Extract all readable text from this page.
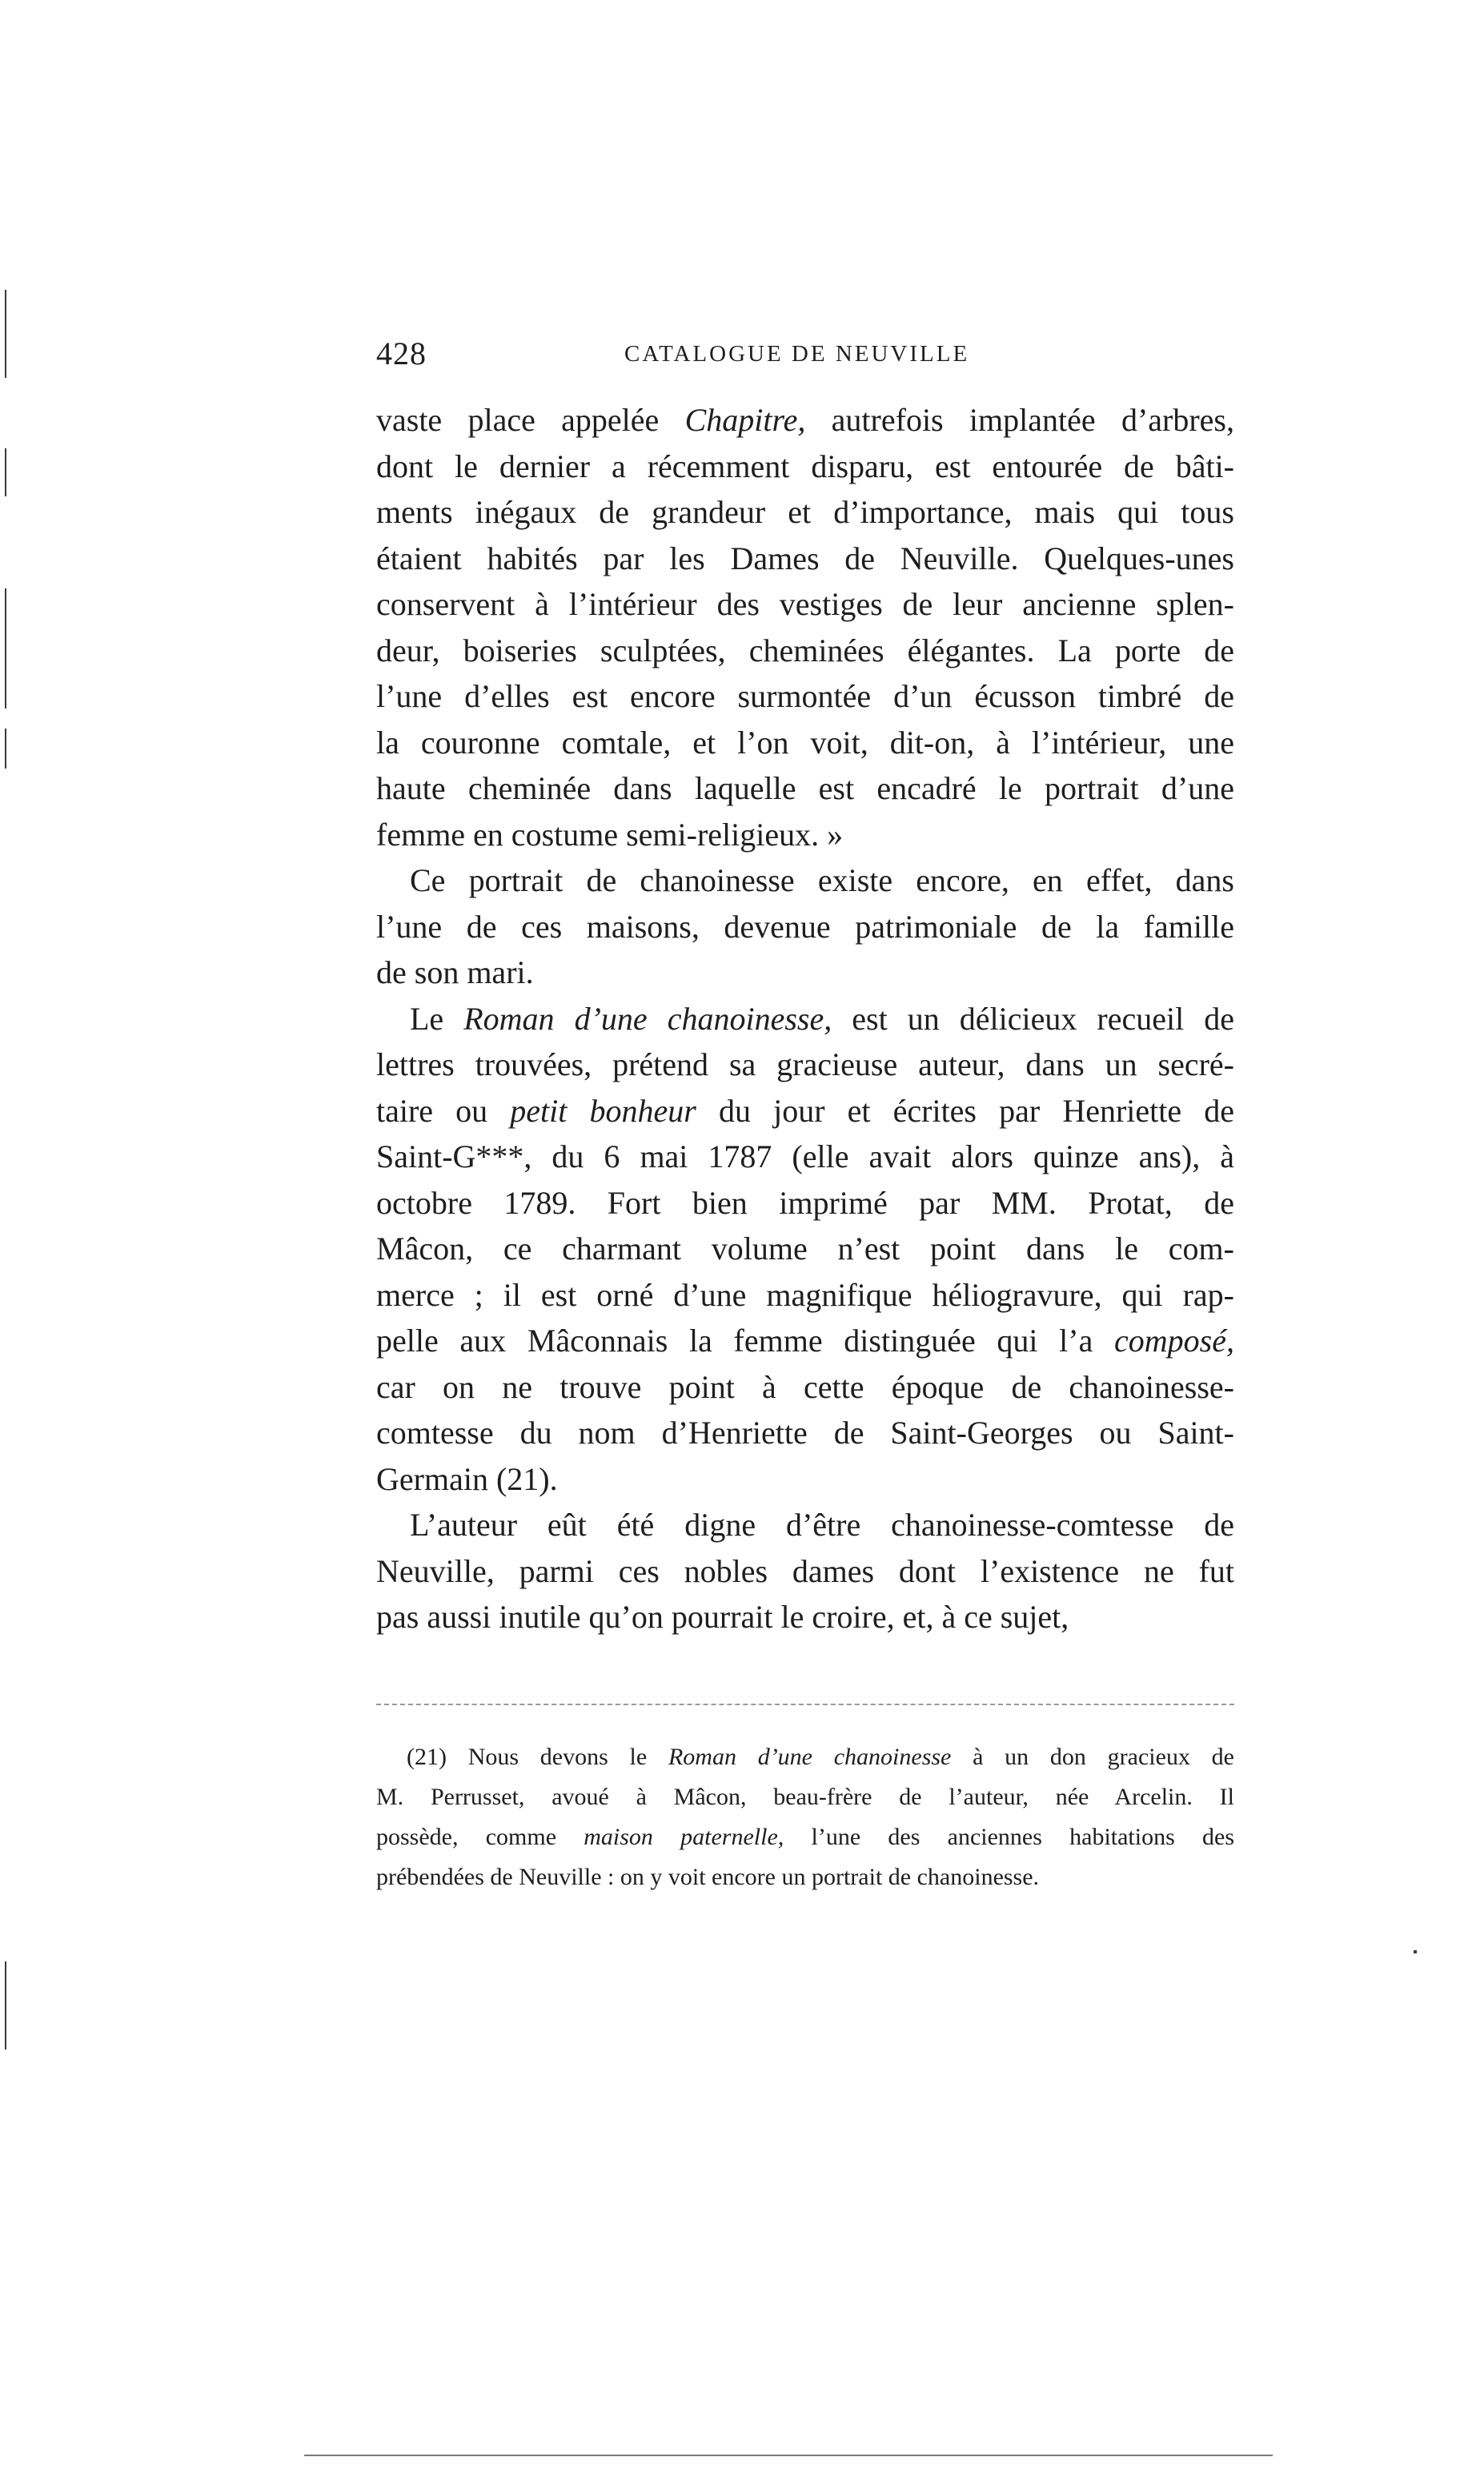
428	CATALOGUE DE NEUVILLE
vaste place appelée Chapitre, autrefois implantée d’arbres,
dont le dernier a récemment disparu, est entourée de bâti-
ments inégaux de grandeur et d’importance, mais qui tous
étaient habités par les Dames de Neuville. Quelques-unes
conservent à l’intérieur des vestiges de leur ancienne splen-
deur, boiseries sculptées, cheminées élégantes. La porte de
l’une d’elles est encore surmontée d’un écusson timbré de
la couronne comtale, et l’on voit, dit-on, à l’intérieur, une
haute cheminée dans laquelle est encadré le portrait d’une
femme en costume semi-religieux. »
Ce portrait de chanoinesse existe encore, en effet, dans
l’une de ces maisons, devenue patrimoniale de la famille
de son mari.
Le Roman d’une chanoinesse, est un délicieux recueil de
lettres trouvées, prétend sa gracieuse auteur, dans un secré-
taire ou petit bonheur du jour et écrites par Henriette de
Saint-G***, du 6 mai 1787 (elle avait alors quinze ans), à
octobre 1789. Fort bien imprimé par MM. Protat, de
Mâcon, ce charmant volume n’est point dans le com-
merce ; il est orné d’une magnifique héliogravure, qui rap-
pelle aux Mâconnais la femme distinguée qui l’a composé,
car on ne trouve point à cette époque de chanoinesse-
comtesse du nom d’Henriette de Saint-Georges ou Saint-
Germain (21).
L’auteur eût été digne d’être chanoinesse-comtesse de
Neuville, parmi ces nobles dames dont l’existence ne fut
pas aussi inutile qu’on pourrait le croire, et, à ce sujet,
(21) Nous devons le Roman d’une chanoinesse à un don gracieux de
M. Perrusset, avoué à Mâcon, beau-frère de l’auteur, née Arcelin. Il
possède, comme maison paternelle, l’une des anciennes habitations des
prébendées de Neuville : on y voit encore un portrait de chanoinesse.
